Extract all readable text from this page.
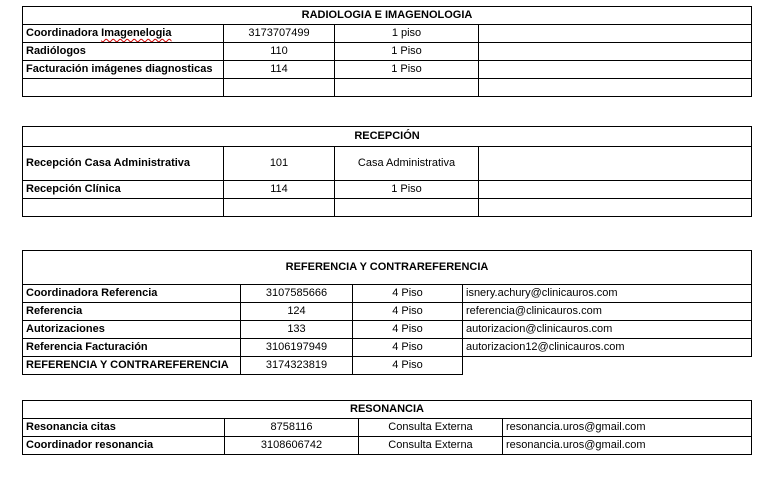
RADIOLOGIA E IMAGENOLOGIA			
Coordinadora Imagenelogia	3173707499	1 piso	
Radiólogos	110	1 Piso	
Facturación imágenes diagnosticas	114	1 Piso	

RECEPCIÓN			
Recepción Casa Administrativa	101	Casa Administrativa	
Recepción Clínica	114	1 Piso	

REFERENCIA Y CONTRAREFERENCIA			
Coordinadora Referencia	3107585666	4 Piso	isnery.achury@clinicauros.com
Referencia	124	4 Piso	referencia@clinicauros.com
Autorizaciones	133	4 Piso	autorizacion@clinicauros.com
Referencia Facturación	3106197949	4 Piso	autorizacion12@clinicauros.com
REFERENCIA Y CONTRAREFERENCIA	3174323819	4 Piso	
RESONANCIA			
Resonancia citas	8758116	Consulta Externa	resonancia.uros@gmail.com
Coordinador resonancia	3108606742	Consulta Externa	resonancia.uros@gmail.com
